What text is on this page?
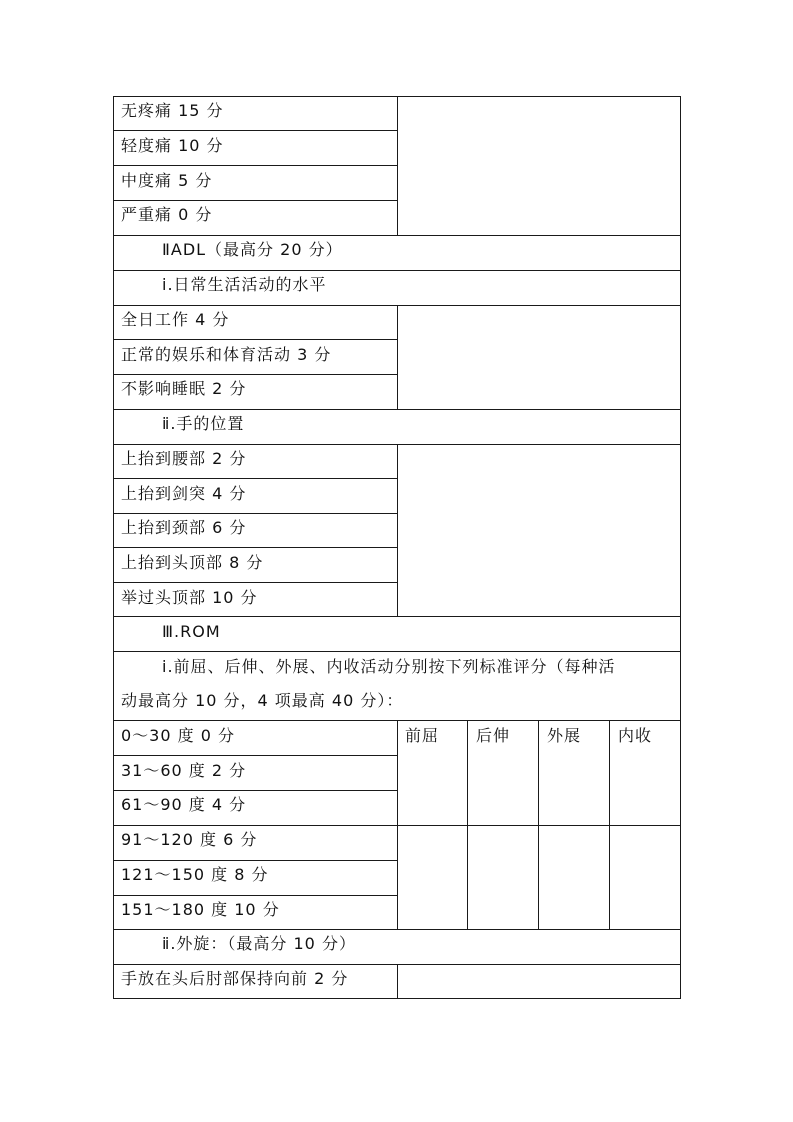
无疼痛 15 分
轻度痛 10 分
中度痛 5 分
严重痛 0 分
ⅡADL（最高分 20 分）
ⅰ.日常生活活动的水平
全日工作 4 分
正常的娱乐和体育活动 3 分
不影响睡眠 2 分
ⅱ.手的位置
上抬到腰部 2 分
上抬到剑突 4 分
上抬到颈部 6 分
上抬到头顶部 8 分
举过头顶部 10 分
Ⅲ.ROM
ⅰ.前屈、后伸、外展、内收活动分别按下列标准评分（每种活
动最高分 10 分，4 项最高 40 分）：
前屈 后伸 外展 内收
0～30 度 0 分
31～60 度 2 分
61～90 度 4 分
91～120 度 6 分
121～150 度 8 分
151～180 度 10 分
ⅱ.外旋：（最高分 10 分）
手放在头后肘部保持向前 2 分
